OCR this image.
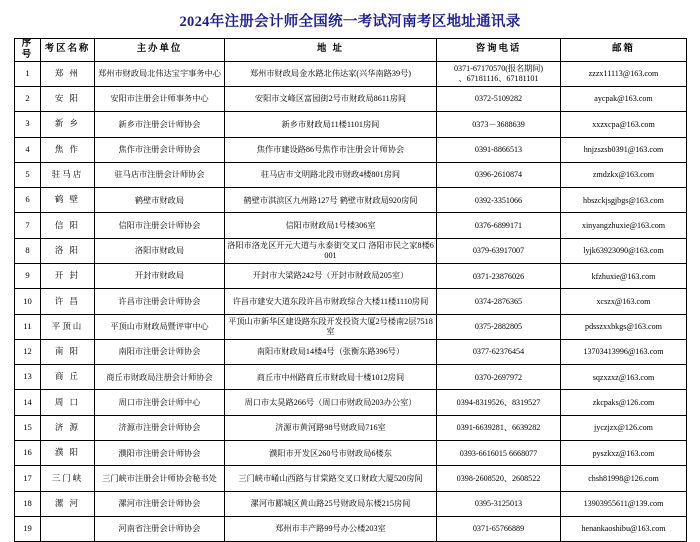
2024年注册会计师全国统一考试河南考区地址通讯录
序号	考区名称	主办单位	地 址	咨询电话	邮箱
1	郑 州	郑州市财政局北伟达宝宇事务中心	郑州市财政局金水路北伟达家(兴华南路39号)	0371-67170570(报名期间)
、67181116、67181101	zzzx11113@163.com
2	安 阳	安阳市注册会计师事务中心	安阳市文峰区富园街2号市财政局8611房间	0372-5109282	aycpak@163.com
3	新 乡	新乡市注册会计师协会	新乡市财政局11楼1101房间	0373－3688639	xxzxcpa@163.com
4	焦 作	焦作市注册会计师协会	焦作市建设路86号焦作市注册会计师协会	0391-8866513	hnjzszsb0391@163.com
5	驻马店	驻马店市注册会计师协会	驻马店市文明路北段市财政4楼801房间	0396-2610874	zmdzkx@163.com
6	鹤 壁	鹤壁市财政局	鹤壁市淇滨区九州路127号 鹤壁市财政局920房间	0392-3351066	hbszckjsgjbgs@163.com
7	信 阳	信阳市注册会计师协会	信阳市财政局1号楼306室	0376-6899171	xinyangzhuxie@163.com
8	洛 阳	洛阳市财政局	洛阳市洛龙区开元大道与永泰街交叉口 洛阳市民之家8楼6001	0379-63917007	lyjk63923090@163.com
9	开 封	开封市财政局	开封市大梁路242号（开封市财政局205室）	0371-23876026	kfzhuxie@163.com
10	许 昌	许昌市注册会计师协会	许昌市建安大道东段许昌市财政综合大楼11楼1110房间	0374-2876365	xcszx@163.com
11	平顶山	平顶山市财政局暨评审中心	平顶山市新华区建设路东段开发投资大厦2号楼南2层7518室	0375-2882805	pdsszxxbkgs@163.com
12	南 阳	南阳市注册会计师协会	南阳市财政局14楼4号（张衡东路396号）	0377-62376454	13703413996@163.com
13	商 丘	商丘市财政局注册会计师协会	商丘市中州路商丘市财政局十楼1012房间	0370-2697972	sqzxzxz@163.com
14	周 口	周口市注册会计师中心	周口市太昊路266号（周口市财政局203办公室）	0394-8319526、8319527	zkcpaks@126.com
15	济 源	济源市注册会计师协会	济源市黄河路98号财政局716室	0391-6639281、6639282	jyczjzx@126.com
16	濮 阳	濮阳市注册会计师协会	濮阳市开发区260号市财政局6楼东	0393-6616015 6668077	pyszkxz@163.com
17	三门峡	三门峡市注册会计师协会秘书处	三门峡市崤山西路与甘棠路交叉口财政大厦520房间	0398-2608520、2608522	chsh81998@126.com
18	漯 河	漯河市注册会计师协会	漯河市郾城区黄山路25号财政局东楼215房间	0395-3125013	13903955611@139.com
19		河南省注册会计师协会	郑州市丰产路99号办公楼203室	0371-65766889	henankaoshibu@163.com
